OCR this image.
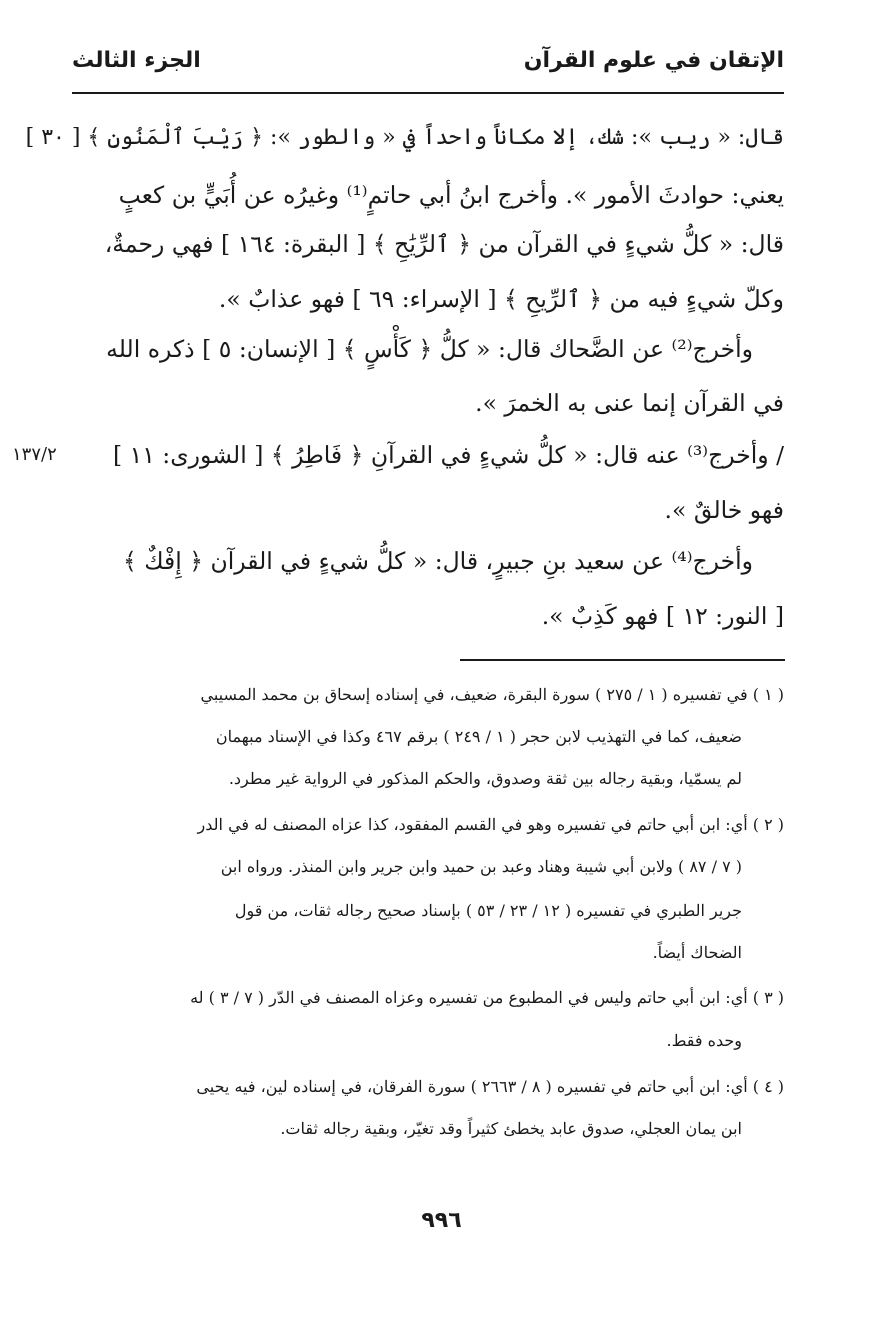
الإتقان في علوم القرآن
الجزء الثالث
قال: « ريب »: شك، إلا مكاناً واحداً في « والطور »: ﴿ رَيْبَ ٱلْمَنُونِ ﴾ [ ٣٠ ]
يعني: حوادثَ الأمور ». وأخرج ابنُ أبي حاتمٍ⁽¹⁾ وغيرُه عن أُبَيٍّ بن كعبٍ
قال: « كلُّ شيءٍ في القرآن من ﴿ ٱلرِّيَٰحِ ﴾ [ البقرة: ١٦٤ ] فهي رحمةٌ،
وكلّ شيءٍ فيه من ﴿ ٱلرِّيحِ ﴾ [ الإسراء: ٦٩ ] فهو عذابٌ ».
وأخرج⁽²⁾ عن الضَّحاك قال: « كلُّ ﴿ كَأْسٍ ﴾ [ الإنسان: ٥ ] ذكره الله
في القرآن إنما عنى به الخمرَ ».
/ وأخرج⁽³⁾ عنه قال: « كلُّ شيءٍ في القرآنِ ﴿ فَاطِرُ ﴾ [ الشورى: ١١ ]
١٣٧/٢
فهو خالقٌ ».
وأخرج⁽⁴⁾ عن سعيد بنِ جبيرٍ، قال: « كلُّ شيءٍ في القرآن ﴿ إِفْكٌ ﴾
[ النور: ١٢ ] فهو كَذِبٌ ».
( ١ ) في تفسيره ( ١ / ٢٧٥ ) سورة البقرة، ضعيف، في إسناده إسحاق بن محمد المسيبي
ضعيف، كما في التهذيب لابن حجر ( ١ / ٢٤٩ ) برقم ٤٦٧ وكذا في الإسناد مبهمان
لم يسمّيا، وبقية رجاله بين ثقة وصدوق، والحكم المذكور في الرواية غير مطرد.
( ٢ ) أي: ابن أبي حاتم في تفسيره وهو في القسم المفقود، كذا عزاه المصنف له في الدر
( ٧ / ٨٧ ) ولابن أبي شيبة وهناد وعبد بن حميد وابن جرير وابن المنذر. ورواه ابن
جرير الطبري في تفسيره ( ١٢ / ٢٣ / ٥٣ ) بإسناد صحيح رجاله ثقات، من قول
الضحاك أيضاً.
( ٣ ) أي: ابن أبي حاتم وليس في المطبوع من تفسيره وعزاه المصنف في الدّر ( ٧ / ٣ ) له
وحده فقط.
( ٤ ) أي: ابن أبي حاتم في تفسيره ( ٨ / ٢٦٦٣ ) سورة الفرقان، في إسناده لين، فيه يحيى
ابن يمان العجلي، صدوق عابد يخطئ كثيراً وقد تغيّر، وبقية رجاله ثقات.
٩٩٦
